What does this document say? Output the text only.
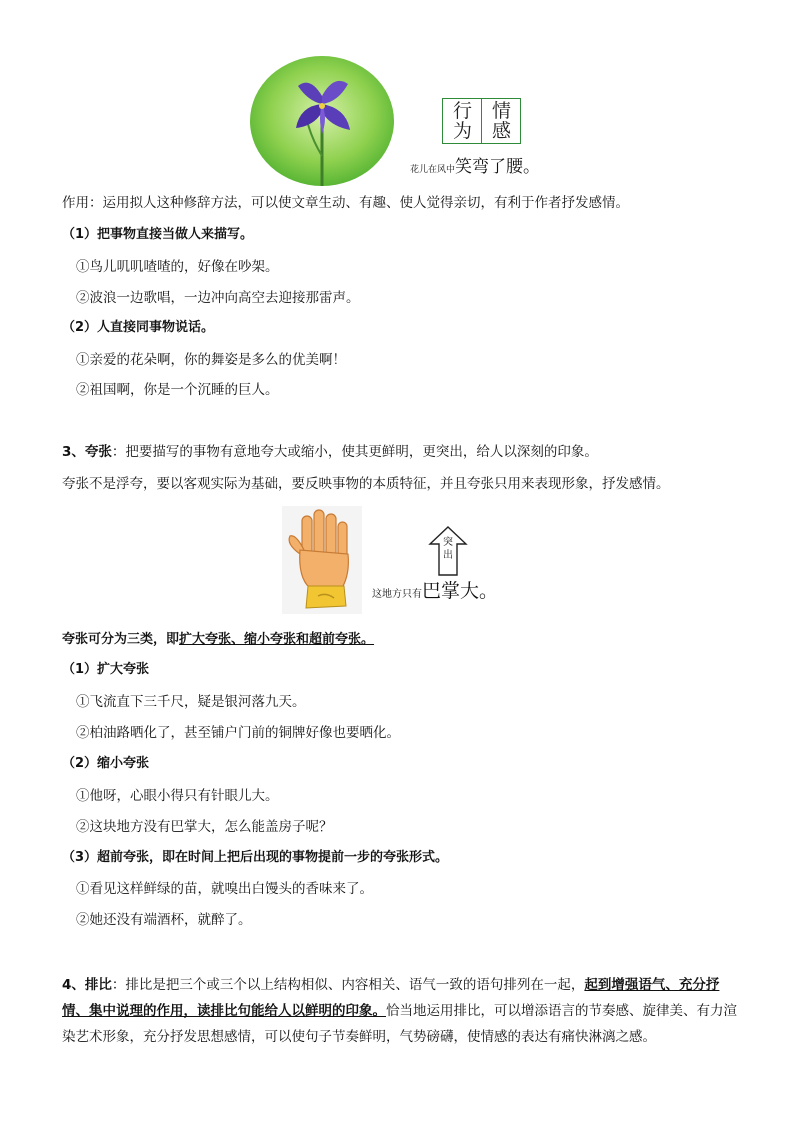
行 情
为 感
花儿在风中笑弯了腰。
作用：运用拟人这种修辞方法，可以使文章生动、有趣、使人觉得亲切，有利于作者抒发感情。
（1）把事物直接当做人来描写。
①鸟儿叽叽喳喳的，好像在吵架。
②波浪一边歌唱，一边冲向高空去迎接那雷声。
（2）人直接同事物说话。
①亲爱的花朵啊，你的舞姿是多么的优美啊！
②祖国啊，你是一个沉睡的巨人。
3、夸张：把要描写的事物有意地夸大或缩小，使其更鲜明，更突出，给人以深刻的印象。
夸张不是浮夸，要以客观实际为基础，要反映事物的本质特征，并且夸张只用来表现形象，抒发感情。
突
出
这地方只有巴掌大。
夸张可分为三类，即扩大夸张、缩小夸张和超前夸张。
（1）扩大夸张
①飞流直下三千尺，疑是银河落九天。
②柏油路晒化了，甚至铺户门前的铜牌好像也要晒化。
（2）缩小夸张
①他呀，心眼小得只有针眼儿大。
②这块地方没有巴掌大，怎么能盖房子呢？
（3）超前夸张，即在时间上把后出现的事物提前一步的夸张形式。
①看见这样鲜绿的苗，就嗅出白馒头的香味来了。
②她还没有端酒杯，就醉了。
4、排比：排比是把三个或三个以上结构相似、内容相关、语气一致的语句排列在一起，起到增强语气、充分抒情、集中说理的作用，读排比句能给人以鲜明的印象。恰当地运用排比，可以增添语言的节奏感、旋律美、有力渲染艺术形象，充分抒发思想感情，可以使句子节奏鲜明，气势磅礴，使情感的表达有痛快淋漓之感。
